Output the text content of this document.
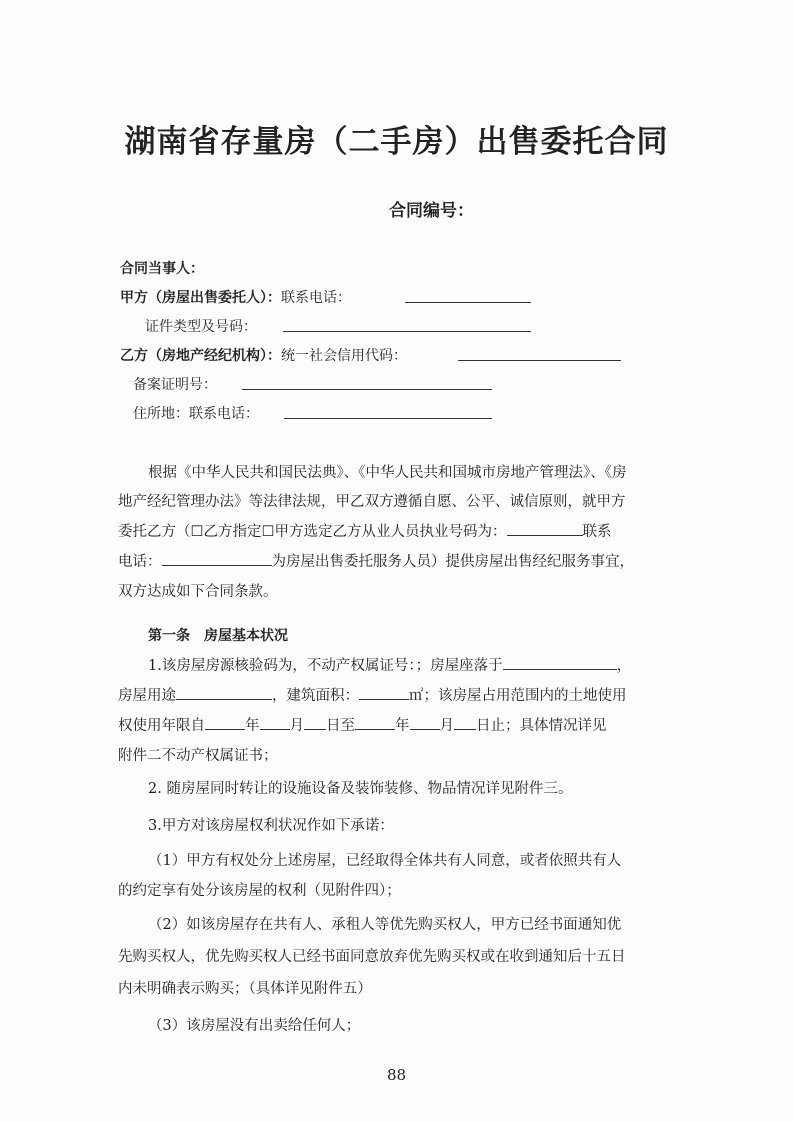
湖南省存量房（二手房）出售委托合同
合同编号：
合同当事人：
甲方（房屋出售委托人）：联系电话：
证件类型及号码：
乙方（房地产经纪机构）：统一社会信用代码：
备案证明号：
住所地：联系电话：
根据《中华人民共和国民法典》、《中华人民共和国城市房地产管理法》、《房
地产经纪管理办法》等法律法规，甲乙双方遵循自愿、公平、诚信原则，就甲方
委托乙方（☐乙方指定☐甲方选定乙方从业人员执业号码为：	联系
电话：	为房屋出售委托服务人员）提供房屋出售经纪服务事宜，
双方达成如下合同条款。
第一条　房屋基本状况
1.该房屋房源核验码为，不动产权属证号：；房屋座落于	，
房屋用途	，建筑面积：	㎡；该房屋占用范围内的土地使用
权使用年限自	年 月 日至	年 月 日止；具体情况详见
附件二不动产权属证书；
2. 随房屋同时转让的设施设备及装饰装修、物品情况详见附件三。
3.甲方对该房屋权利状况作如下承诺：
（1）甲方有权处分上述房屋，已经取得全体共有人同意，或者依照共有人
的约定享有处分该房屋的权利（见附件四）；
（2）如该房屋存在共有人、承租人等优先购买权人，甲方已经书面通知优
先购买权人，优先购买权人已经书面同意放弃优先购买权或在收到通知后十五日
内未明确表示购买；（具体详见附件五）
（3）该房屋没有出卖给任何人；
88
